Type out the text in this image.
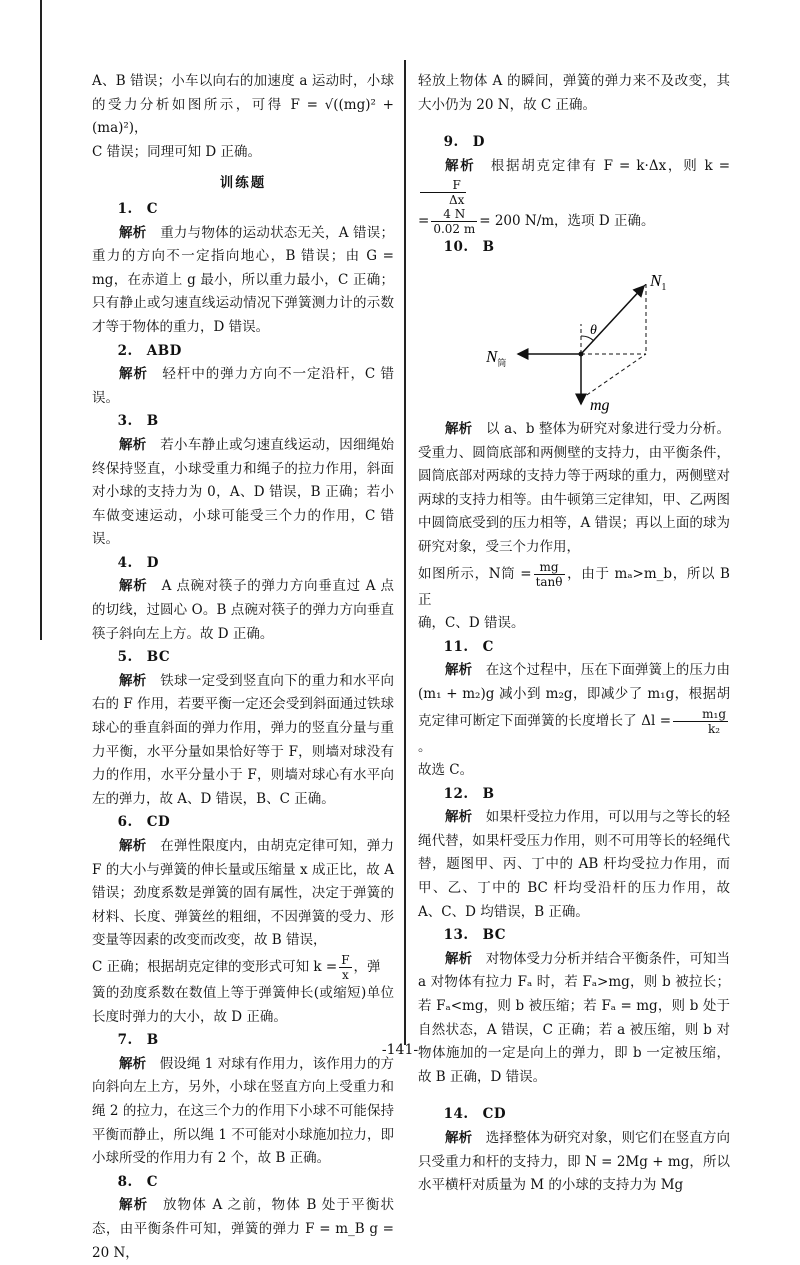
A、B 错误；小车以向右的加速度 a 运动时，小球的受力分析如图所示，可得 F = √((mg)² + (ma)²)，

C 错误；同理可知 D 正确。

训练题

1.　C

解析　 重力与物体的运动状态无关，A 错误；重力的方向不一定指向地心，B 错误；由 G = mg，在赤道上 g 最小，所以重力最小，C 正确；只有静止或匀速直线运动情况下弹簧测力计的示数才等于物体的重力，D 错误。

2.　ABD

解析　 轻杆中的弹力方向不一定沿杆，C 错误。

3.　B

解析　 若小车静止或匀速直线运动，因细绳始终保持竖直，小球受重力和绳子的拉力作用，斜面对小球的支持力为 0，A、D 错误，B 正确；若小车做变速运动，小球可能受三个力的作用，C 错误。

4.　D

解析　 A 点碗对筷子的弹力方向垂直过 A 点的切线，过圆心 O。B 点碗对筷子的弹力方向垂直筷子斜向左上方。故 D 正确。

5.　BC

解析　 铁球一定受到竖直向下的重力和水平向右的 F 作用，若要平衡一定还会受到斜面通过铁球球心的垂直斜面的弹力作用，弹力的竖直分量与重力平衡，水平分量如果恰好等于 F，则墙对球没有力的作用，水平分量小于 F，则墙对球心有水平向左的弹力，故 A、D 错误，B、C 正确。

6.　CD

解析　 在弹性限度内，由胡克定律可知，弹力 F 的大小与弹簧的伸长量或压缩量 x 成正比，故 A 错误；劲度系数是弹簧的固有属性，决定于弹簧的材料、长度、弹簧丝的粗细，不因弹簧的受力、形变量等因素的改变而改变，故 B 错误，

C 正确；根据胡克定律的变形式可知 $k = \frac{F}{x}$ ，弹

簧的劲度系数在数值上等于弹簧伸长(或缩短)单位长度时弹力的大小，故 D 正确。

7.　B

解析　 假设绳 1 对球有作用力，该作用力的方向斜向左上方，另外，小球在竖直方向上受重力和绳 2 的拉力，在这三个力的作用下小球不可能保持平衡而静止，所以绳 1 不可能对小球施加拉力，即小球所受的作用力有 2 个，故 B 正确。

8.　C

解析　 放物体 A 之前，物体 B 处于平衡状态，由平衡条件可知，弹簧的弹力 F = m_B g = 20 N，

轻放上物体 A 的瞬间，弹簧的弹力来不及改变，其大小仍为 20 N，故 C 正确。

9.　D

解析　 根据胡克定律有 F = k·Δx，则 k =
$\frac{F}{\Delta x}$

= $\frac{4 N}{0.02 m} = 200$ N/m，选项 D 正确。

10.　B

$N_1$
θ
$N_筒$
mg

解析　 以 a、b 整体为研究对象进行受力分析。受重力、圆筒底部和两侧壁的支持力，由平衡条件，圆筒底部对两球的支持力等于两球的重力，两侧壁对两球的支持力相等。由牛顿第三定律知，甲、乙两图中圆筒底受到的压力相等，A 错误；再以上面的球为研究对象，受三个力作用，

如图所示，N筒 = $\frac{mg}{\tan\theta}$ ，由于 mₐ>m_b，所以 B 正

确，C、D 错误。

11.　C

解析　 在这个过程中，压在下面弹簧上的压力由(m₁ + m₂)g 减小到 m₂g，即减少了 m₁g，根据胡克定律可断定下面弹簧的长度增长了 $\Delta l = \frac{\text{m₁g}}{\text{k₂}}$
。

故选 C。

12.　B

解析　 如果杆受拉力作用，可以用与之等长的轻绳代替，如果杆受压力作用，则不可用等长的轻绳代替，题图甲、丙、丁中的 AB 杆均受拉力作用，而甲、乙、丁中的 BC 杆均受沿杆的压力作用，故 A、C、D 均错误，B 正确。

13.　BC

解析　 对物体受力分析并结合平衡条件，可知当 a 对物体有拉力 Fₐ 时，若 Fₐ>mg，则 b 被拉长；若 Fₐ<mg，则 b 被压缩；若 Fₐ = mg，则 b 处于自然状态，A 错误，C 正确；若 a 被压缩，则 b 对物体施加的一定是向上的弹力，即 b 一定被压缩，故 B 正确，D 错误。

14.　CD

解析　 选择整体为研究对象，则它们在竖直方向只受重力和杆的支持力，即 N = 2Mg + mg，所以水平横杆对质量为 M 的小球的支持力为 Mg

-141-
